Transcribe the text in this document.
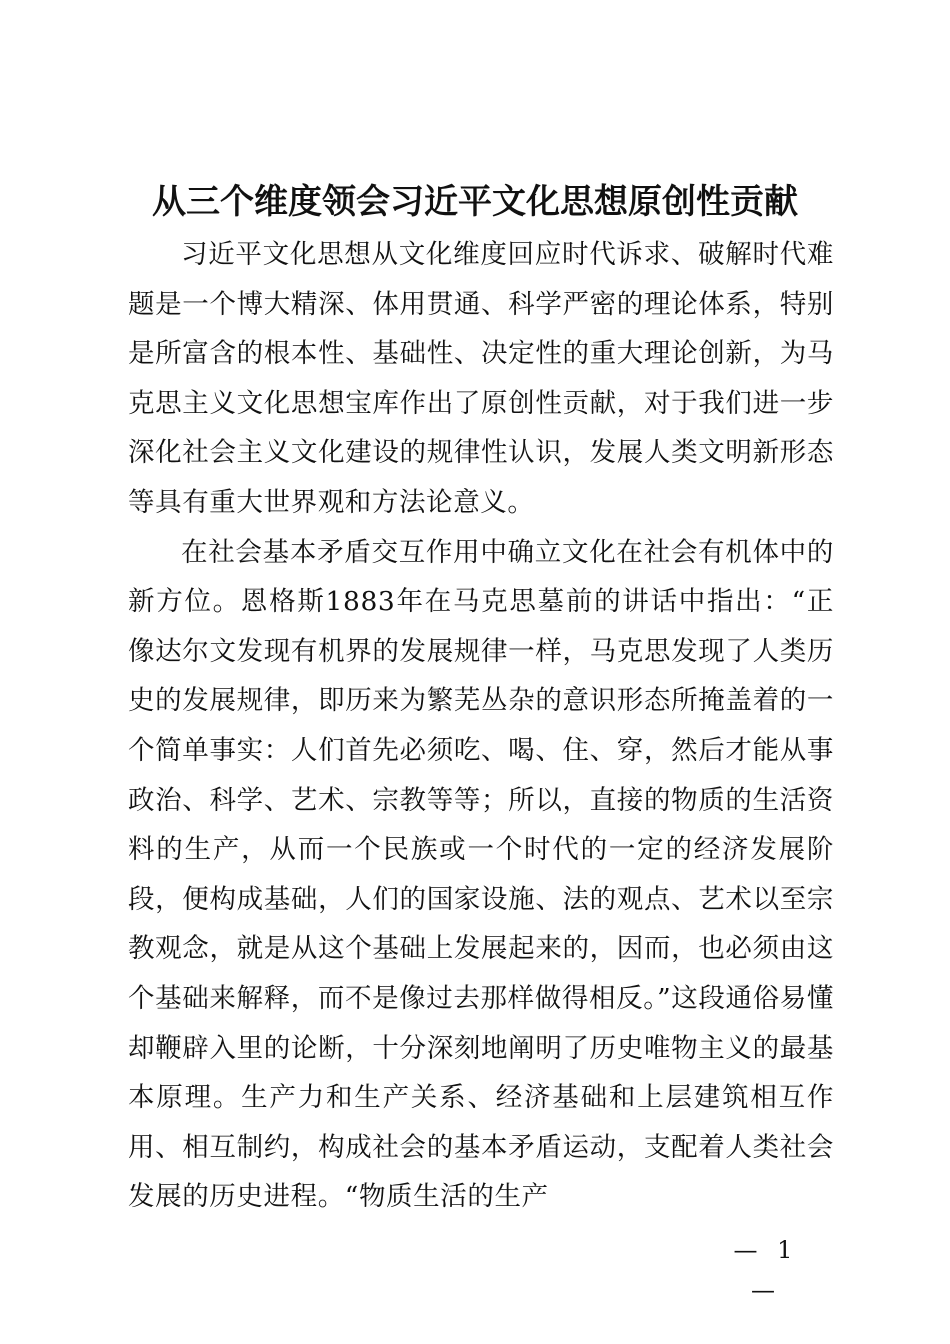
从三个维度领会习近平文化思想原创性贡献

习近平文化思想从文化维度回应时代诉求、破解时代难题是一个博大精深、体用贯通、科学严密的理论体系，特别是所富含的根本性、基础性、决定性的重大理论创新，为马克思主义文化思想宝库作出了原创性贡献，对于我们进一步深化社会主义文化建设的规律性认识，发展人类文明新形态等具有重大世界观和方法论意义。

在社会基本矛盾交互作用中确立文化在社会有机体中的新方位。恩格斯1883年在马克思墓前的讲话中指出：“正像达尔文发现有机界的发展规律一样，马克思发现了人类历史的发展规律，即历来为繁芜丛杂的意识形态所掩盖着的一个简单事实：人们首先必须吃、喝、住、穿，然后才能从事政治、科学、艺术、宗教等等；所以，直接的物质的生活资料的生产，从而一个民族或一个时代的一定的经济发展阶段，便构成基础，人们的国家设施、法的观点、艺术以至宗教观念，就是从这个基础上发展起来的，因而，也必须由这个基础来解释，而不是像过去那样做得相反。”这段通俗易懂却鞭辟入里的论断，十分深刻地阐明了历史唯物主义的最基本原理。生产力和生产关系、经济基础和上层建筑相互作用、相互制约，构成社会的基本矛盾运动，支配着人类社会发展的历史进程。“物质生活的生产

— 1 —
